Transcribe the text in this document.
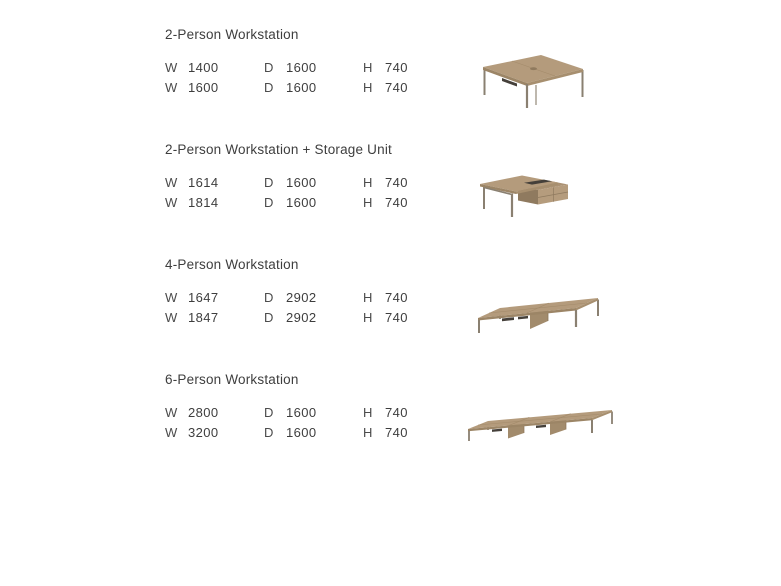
2-Person Workstation
W 1400	D 1600	H 740
W 1600	D 1600	H 740
2-Person Workstation + Storage Unit
W 1614	D 1600	H 740
W 1814	D 1600	H 740
4-Person Workstation
W 1647	D 2902	H 740
W 1847	D 2902	H 740
6-Person Workstation
W 2800	D 1600	H 740
W 3200	D 1600	H 740
